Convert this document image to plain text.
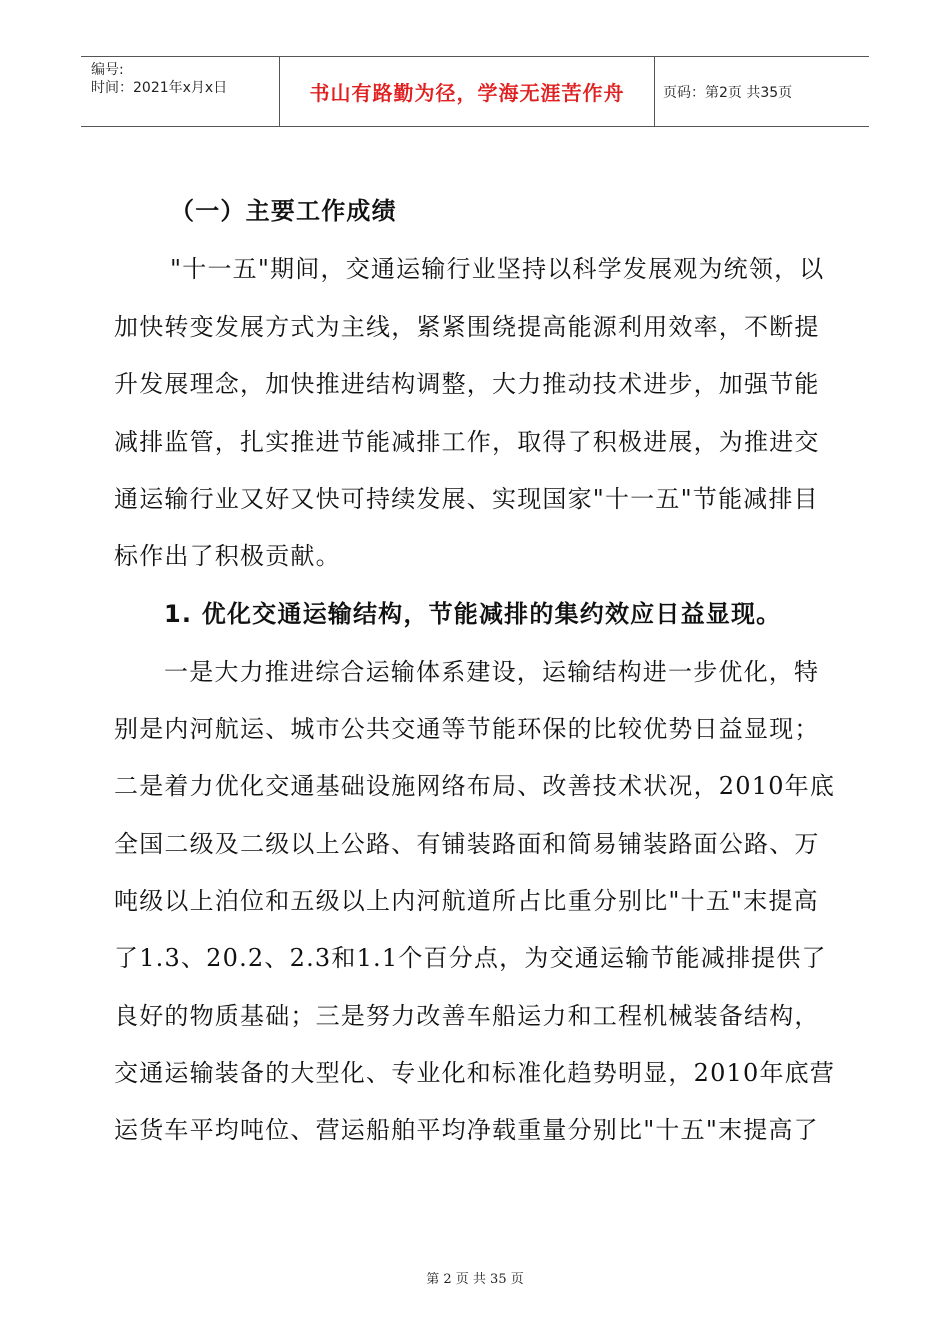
编号:
时间：2021年x月x日	书山有路勤为径，学海无涯苦作舟	页码：第2页 共35页
（一）主要工作成绩
"十一五"期间，交通运输行业坚持以科学发展观为统领，以
加快转变发展方式为主线，紧紧围绕提高能源利用效率，不断提
升发展理念，加快推进结构调整，大力推动技术进步，加强节能
减排监管，扎实推进节能减排工作，取得了积极进展，为推进交
通运输行业又好又快可持续发展、实现国家"十一五"节能减排目
标作出了积极贡献。
1. 优化交通运输结构，节能减排的集约效应日益显现。
一是大力推进综合运输体系建设，运输结构进一步优化，特
别是内河航运、城市公共交通等节能环保的比较优势日益显现；
二是着力优化交通基础设施网络布局、改善技术状况，2010年底
全国二级及二级以上公路、有铺装路面和简易铺装路面公路、万
吨级以上泊位和五级以上内河航道所占比重分别比"十五"末提高
了1.3、20.2、2.3和1.1个百分点，为交通运输节能减排提供了
良好的物质基础；三是努力改善车船运力和工程机械装备结构，
交通运输装备的大型化、专业化和标准化趋势明显，2010年底营
运货车平均吨位、营运船舶平均净载重量分别比"十五"末提高了
第 2 页 共 35 页
